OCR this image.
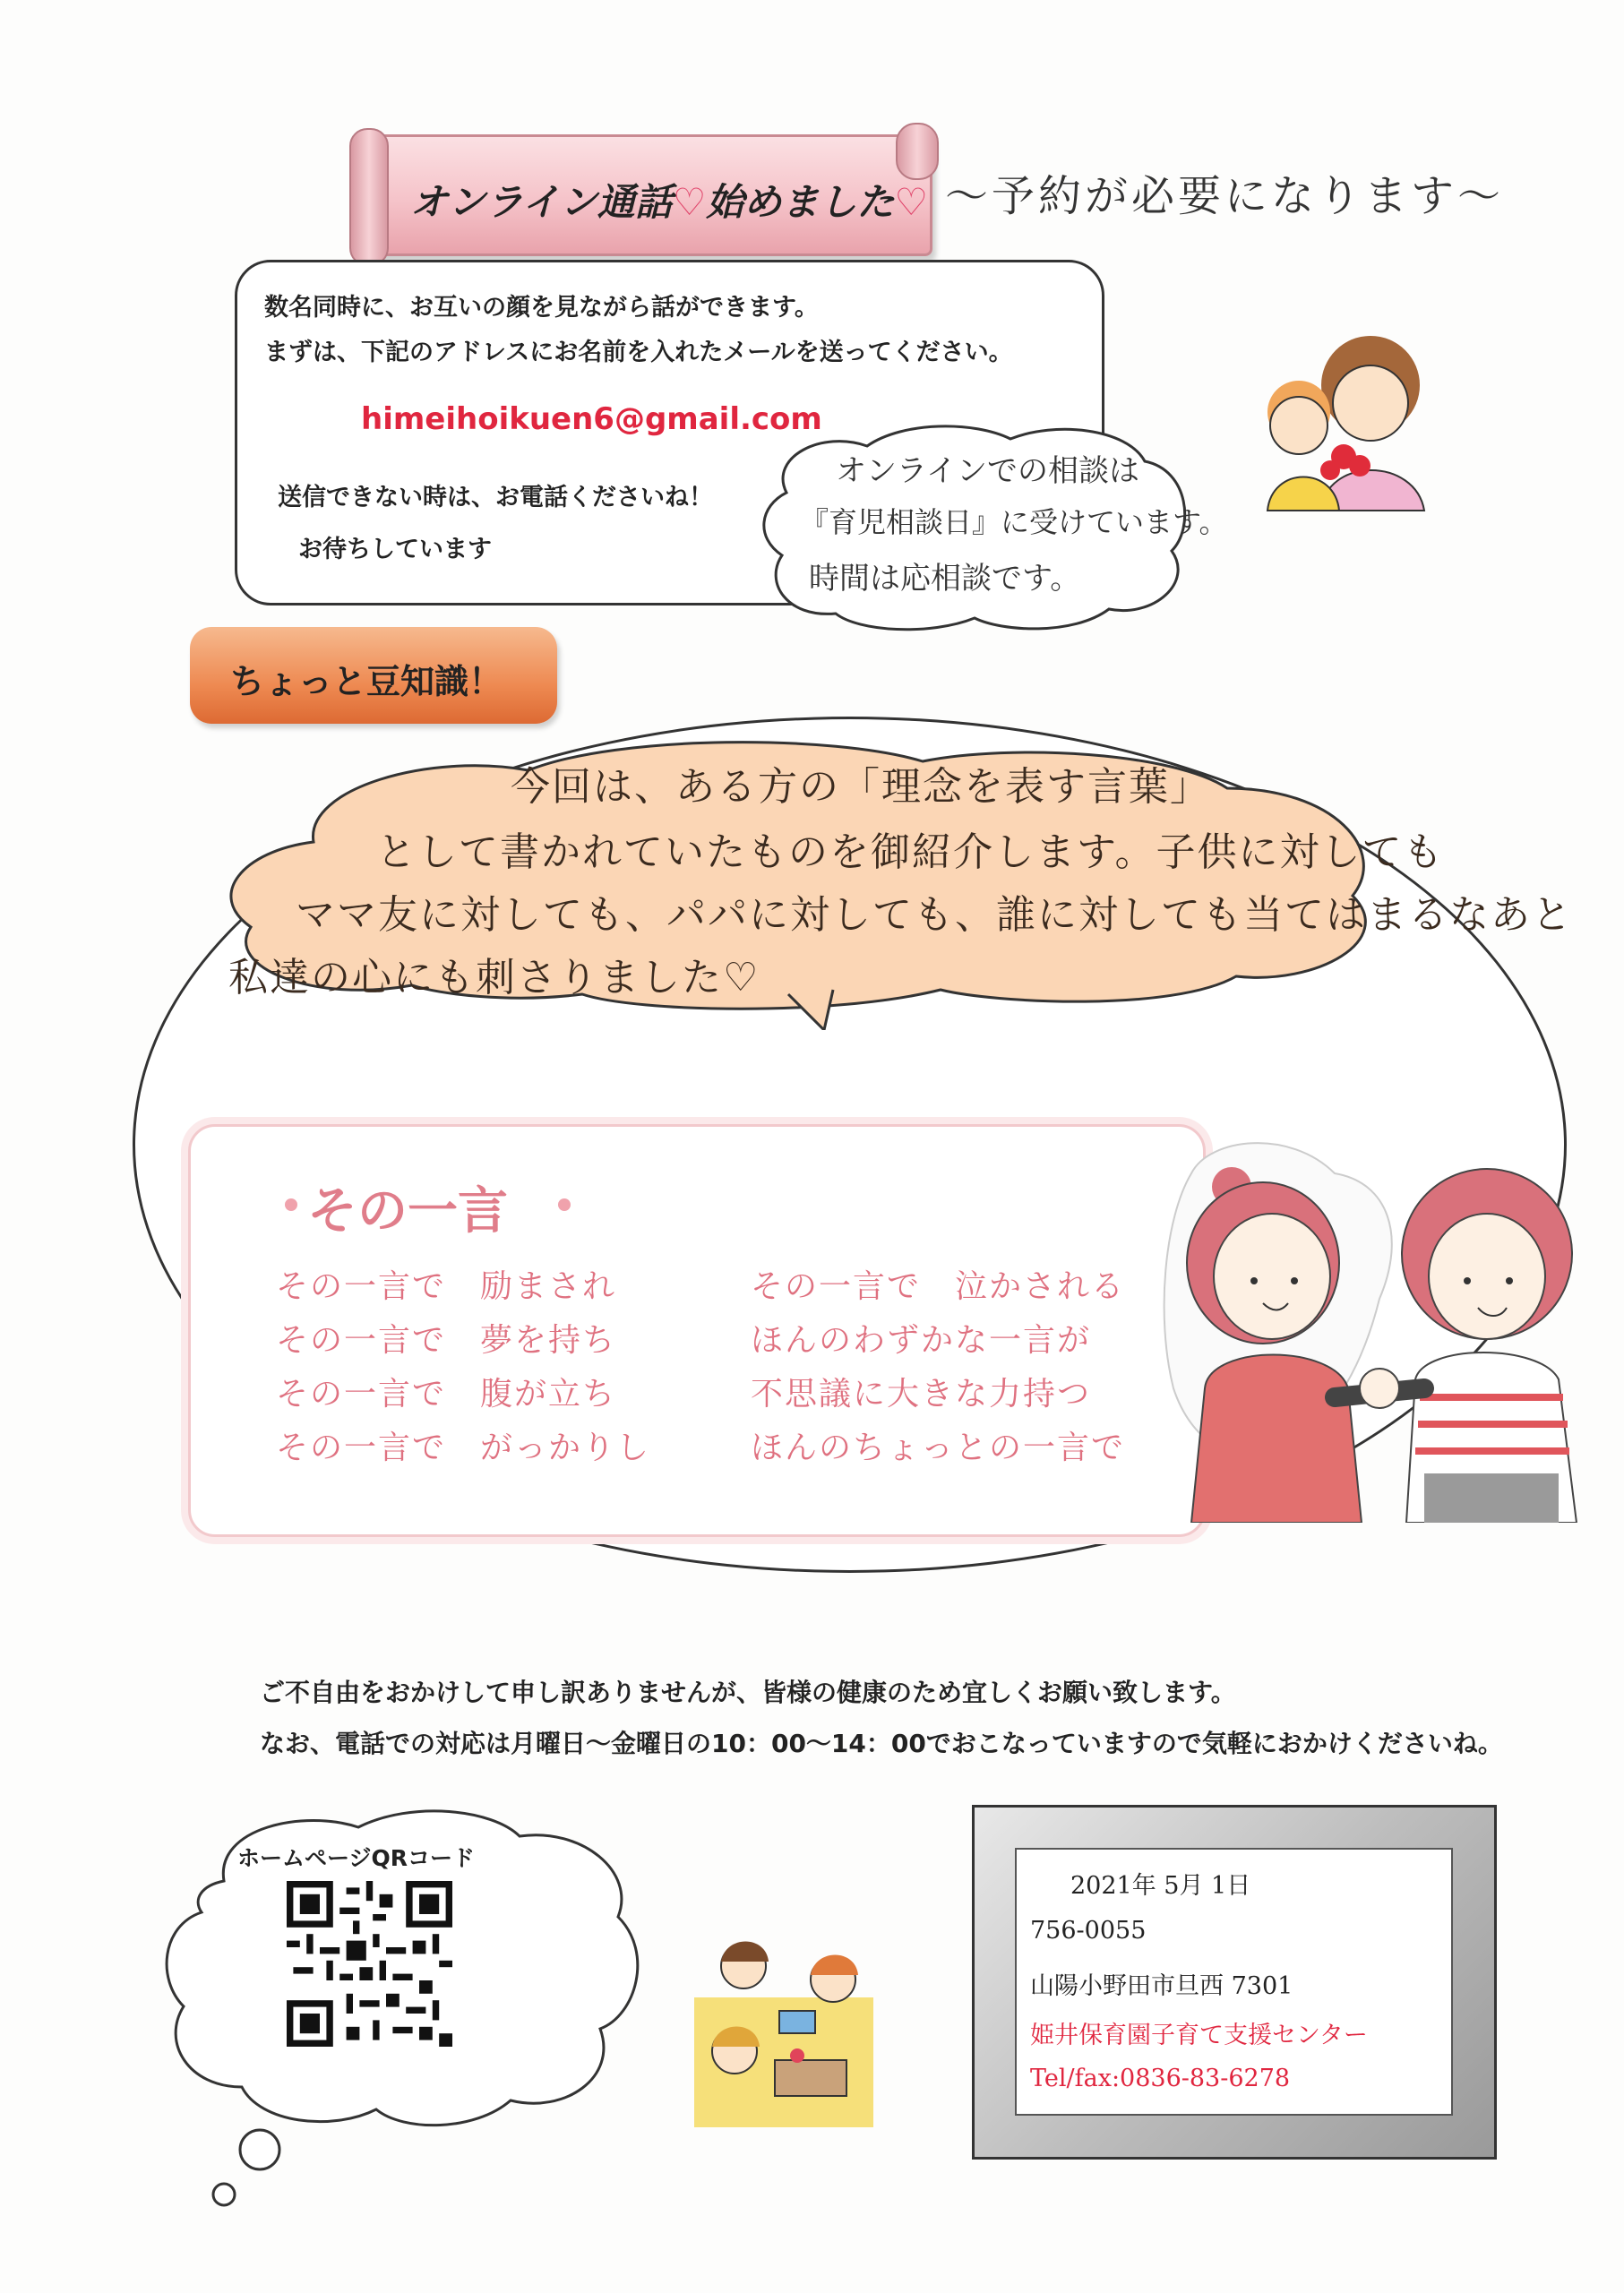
オンライン通話♡始めました♡ 〜予約が必要になります〜
数名同時に、お互いの顔を見ながら話ができます。
まずは、下記のアドレスにお名前を入れたメールを送ってください。
himeihoikuen6@gmail.com
送信できない時は、お電話くださいね！
お待ちしています
オンラインでの相談は
『育児相談日』に受けています。
時間は応相談です。
ちょっと豆知識！
今回は、ある方の「理念を表す言葉」
として書かれていたものを御紹介します。子供に対しても
ママ友に対しても、パパに対しても、誰に対しても当てはまるなあと
私達の心にも刺さりました♡
その一言
その一言で　励まされ
その一言で　夢を持ち
その一言で　腹が立ち
その一言で　がっかりし
その一言で　泣かされる
ほんのわずかな一言が
不思議に大きな力持つ
ほんのちょっとの一言で
ご不自由をおかけして申し訳ありませんが、皆様の健康のため宜しくお願い致します。
なお、電話での対応は月曜日～金曜日の10：00～14：00でおこなっていますので気軽におかけくださいね。
ホームページQRコード
2021年 5月 1日
756-0055
山陽小野田市旦西 7301
姫井保育園子育て支援センター
Tel/fax:0836-83-6278
